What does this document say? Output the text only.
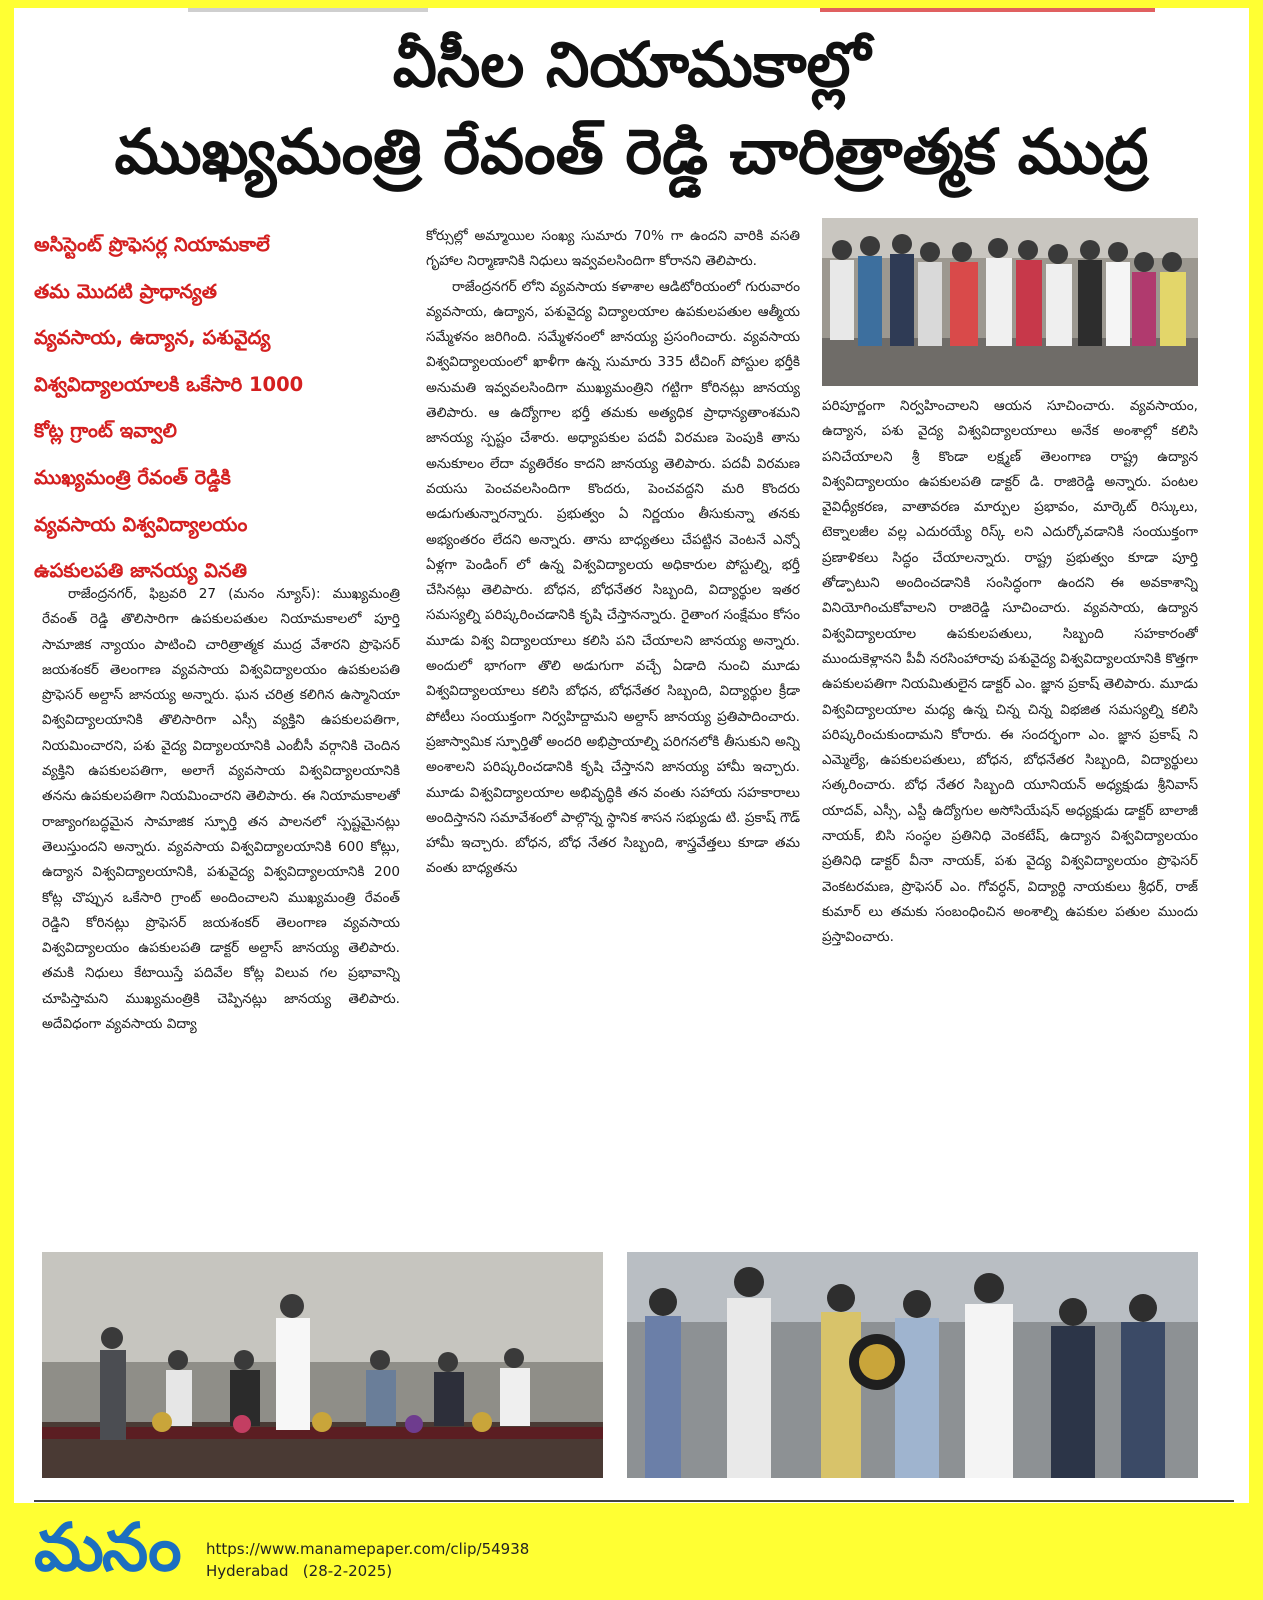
వీసీల నియామకాల్లో
ముఖ్యమంత్రి రేవంత్ రెడ్డి చారిత్రాత్మక ముద్ర
అసిస్టెంట్ ప్రొఫెసర్ల నియామకాలే
తమ మొదటి ప్రాధాన్యత
వ్యవసాయ, ఉద్యాన, పశువైద్య
విశ్వవిద్యాలయాలకి ఒకేసారి 1000
కోట్ల గ్రాంట్ ఇవ్వాలి
ముఖ్యమంత్రి రేవంత్ రెడ్డికి
వ్యవసాయ విశ్వవిద్యాలయం
ఉపకులపతి జానయ్య వినతి
రాజేంద్రనగర్, ఫిబ్రవరి 27 (మనం న్యూస్): ముఖ్యమంత్రి రేవంత్ రెడ్డి తొలిసారిగా ఉపకులపతుల నియామకాలలో పూర్తి సామాజిక న్యాయం పాటించి చారిత్రాత్మక ముద్ర వేశారని ప్రొఫెసర్ జయశంకర్ తెలంగాణ వ్యవసాయ విశ్వవిద్యాలయం ఉపకులపతి ప్రొఫెసర్ అల్దాస్ జానయ్య అన్నారు. ఘన చరిత్ర కలిగిన ఉస్మానియా విశ్వవిద్యాలయానికి తొలిసారిగా ఎస్సీ వ్యక్తిని ఉపకులపతిగా, నియమించారని, పశు వైద్య విద్యాలయానికి ఎంబీసీ వర్గానికి చెందిన వ్యక్తిని ఉపకులపతిగా, అలాగే వ్యవసాయ విశ్వవిద్యాలయానికి తనను ఉపకులపతిగా నియమించారని తెలిపారు. ఈ నియామకాలతో రాజ్యాంగబద్ధమైన సామాజిక స్ఫూర్తి తన పాలనలో స్పష్టమైనట్లు తెలుస్తుందని అన్నారు. వ్యవసాయ విశ్వవిద్యాలయానికి 600 కోట్లు, ఉద్యాన విశ్వవిద్యాలయానికి, పశువైద్య విశ్వవిద్యాలయానికి 200 కోట్ల చొప్పున ఒకేసారి గ్రాంట్ అందించాలని ముఖ్యమంత్రి రేవంత్ రెడ్డిని కోరినట్లు ప్రొఫెసర్ జయశంకర్ తెలంగాణ వ్యవసాయ విశ్వవిద్యాలయం ఉపకులపతి డాక్టర్ అల్దాస్ జానయ్య తెలిపారు. తమకి నిధులు కేటాయిస్తే పదివేల కోట్ల విలువ గల ప్రభావాన్ని చూపిస్తామని ముఖ్యమంత్రికి చెప్పినట్లు జానయ్య తెలిపారు. అదేవిధంగా వ్యవసాయ విద్యా
కోర్సుల్లో అమ్మాయిల సంఖ్య సుమారు 70% గా ఉందని వారికి వసతి గృహాల నిర్మాణానికి నిధులు ఇవ్వవలసిందిగా కోరానని తెలిపారు.
రాజేంద్రనగర్ లోని వ్యవసాయ కళాశాల ఆడిటోరియంలో గురువారం వ్యవసాయ, ఉద్యాన, పశువైద్య విద్యాలయాల ఉపకులపతుల ఆత్మీయ సమ్మేళనం జరిగింది. సమ్మేళనంలో జానయ్య ప్రసంగించారు. వ్యవసాయ విశ్వవిద్యాలయంలో ఖాళీగా ఉన్న సుమారు 335 టీచింగ్ పోస్టుల భర్తీకి అనుమతి ఇవ్వవలసిందిగా ముఖ్యమంత్రిని గట్టిగా కోరినట్లు జానయ్య తెలిపారు. ఆ ఉద్యోగాల భర్తీ తమకు అత్యధిక ప్రాధాన్యతాంశమని జానయ్య స్పష్టం చేశారు. అధ్యాపకుల పదవీ విరమణ పెంపుకి తాను అనుకూలం లేదా వ్యతిరేకం కాదని జానయ్య తెలిపారు. పదవీ విరమణ వయసు పెంచవలసిందిగా కొందరు, పెంచవద్దని మరి కొందరు అడుగుతున్నారన్నారు. ప్రభుత్వం ఏ నిర్ణయం తీసుకున్నా తనకు అభ్యంతరం లేదని అన్నారు. తాను బాధ్యతలు చేపట్టిన వెంటనే ఎన్నో ఏళ్లగా పెండింగ్ లో ఉన్న విశ్వవిద్యాలయ అధికారుల పోస్టుల్ని, భర్తీ చేసినట్లు తెలిపారు. బోధన, బోధనేతర సిబ్బంది, విద్యార్థుల ఇతర సమస్యల్ని పరిష్కరించడానికి కృషి చేస్తానన్నారు. రైతాంగ సంక్షేమం కోసం మూడు విశ్వ విద్యాలయాలు కలిసి పని చేయాలని జానయ్య అన్నారు. అందులో భాగంగా తొలి అడుగుగా వచ్చే ఏడాది నుంచి మూడు విశ్వవిద్యాలయాలు కలిసి బోధన, బోధనేతర సిబ్బంది, విద్యార్థుల క్రీడా పోటీలు సంయుక్తంగా నిర్వహిద్దామని అల్దాస్ జానయ్య ప్రతిపాదించారు. ప్రజాస్వామిక స్ఫూర్తితో అందరి అభిప్రాయాల్ని పరిగనలోకి తీసుకుని అన్ని అంశాలని పరిష్కరించడానికి కృషి చేస్తానని జానయ్య హామీ ఇచ్చారు. మూడు విశ్వవిద్యాలయాల అభివృద్ధికి తన వంతు సహాయ సహకారాలు అందిస్తానని సమావేశంలో పాల్గొన్న స్థానిక శాసన సభ్యుడు టి. ప్రకాష్ గౌడ్ హామీ ఇచ్చారు. బోధన, బోధ నేతర సిబ్బంది, శాస్త్రవేత్తలు కూడా తమ వంతు బాధ్యతను
పరిపూర్ణంగా నిర్వహించాలని ఆయన సూచించారు. వ్యవసాయం, ఉద్యాన, పశు వైద్య విశ్వవిద్యాలయాలు అనేక అంశాల్లో కలిసి పనిచేయాలని శ్రీ కొండా లక్ష్మణ్ తెలంగాణ రాష్ట్ర ఉద్యాన విశ్వవిద్యాలయం ఉపకులపతి డాక్టర్ డి. రాజిరెడ్డి అన్నారు. పంటల వైవిధ్యీకరణ, వాతావరణ మార్పుల ప్రభావం, మార్కెట్ రిస్కులు, టెక్నాలజీల వల్ల ఎదురయ్యే రిస్క్ లని ఎదుర్కోవడానికి సంయుక్తంగా ప్రణాళికలు సిద్ధం చేయాలన్నారు. రాష్ట్ర ప్రభుత్వం కూడా పూర్తి తోడ్పాటుని అందించడానికి సంసిద్ధంగా ఉందని ఈ అవకాశాన్ని వినియోగించుకోవాలని రాజిరెడ్డి సూచించారు. వ్యవసాయ, ఉద్యాన విశ్వవిద్యాలయాల ఉపకులపతులు, సిబ్బంది సహకారంతో ముందుకెళ్లానని పీవీ నరసింహారావు పశువైద్య విశ్వవిద్యాలయానికి కొత్తగా ఉపకులపతిగా నియమితులైన డాక్టర్ ఎం. జ్ఞాన ప్రకాష్ తెలిపారు. మూడు విశ్వవిద్యాలయాల మధ్య ఉన్న చిన్న చిన్న విభజిత సమస్యల్ని కలిసి పరిష్కరించుకుందామని కోరారు. ఈ సందర్భంగా ఎం. జ్ఞాన ప్రకాష్ ని ఎమ్మెల్యే, ఉపకులపతులు, బోధన, బోధనేతర సిబ్బంది, విద్యార్థులు సత్కరించారు. బోధ నేతర సిబ్బంది యూనియన్ అధ్యక్షుడు శ్రీనివాస్ యాదవ్, ఎస్సీ, ఎస్టీ ఉద్యోగుల అసోసియేషన్ అధ్యక్షుడు డాక్టర్ బాలాజీ నాయక్, బిసి సంస్థల ప్రతినిధి వెంకటేష్, ఉద్యాన విశ్వవిద్యాలయం ప్రతినిధి డాక్టర్ వీనా నాయక్, పశు వైద్య విశ్వవిద్యాలయం ప్రొఫెసర్ వెంకటరమణ, ప్రొఫెసర్ ఎం. గోవర్ధన్, విద్యార్థి నాయకులు శ్రీధర్, రాజ్ కుమార్ లు తమకు సంబంధించిన అంశాల్ని ఉపకుల పతుల ముందు ప్రస్తావించారు.
మనం https://www.manamepaper.com/clip/54938
Hyderabad   (28-2-2025)
